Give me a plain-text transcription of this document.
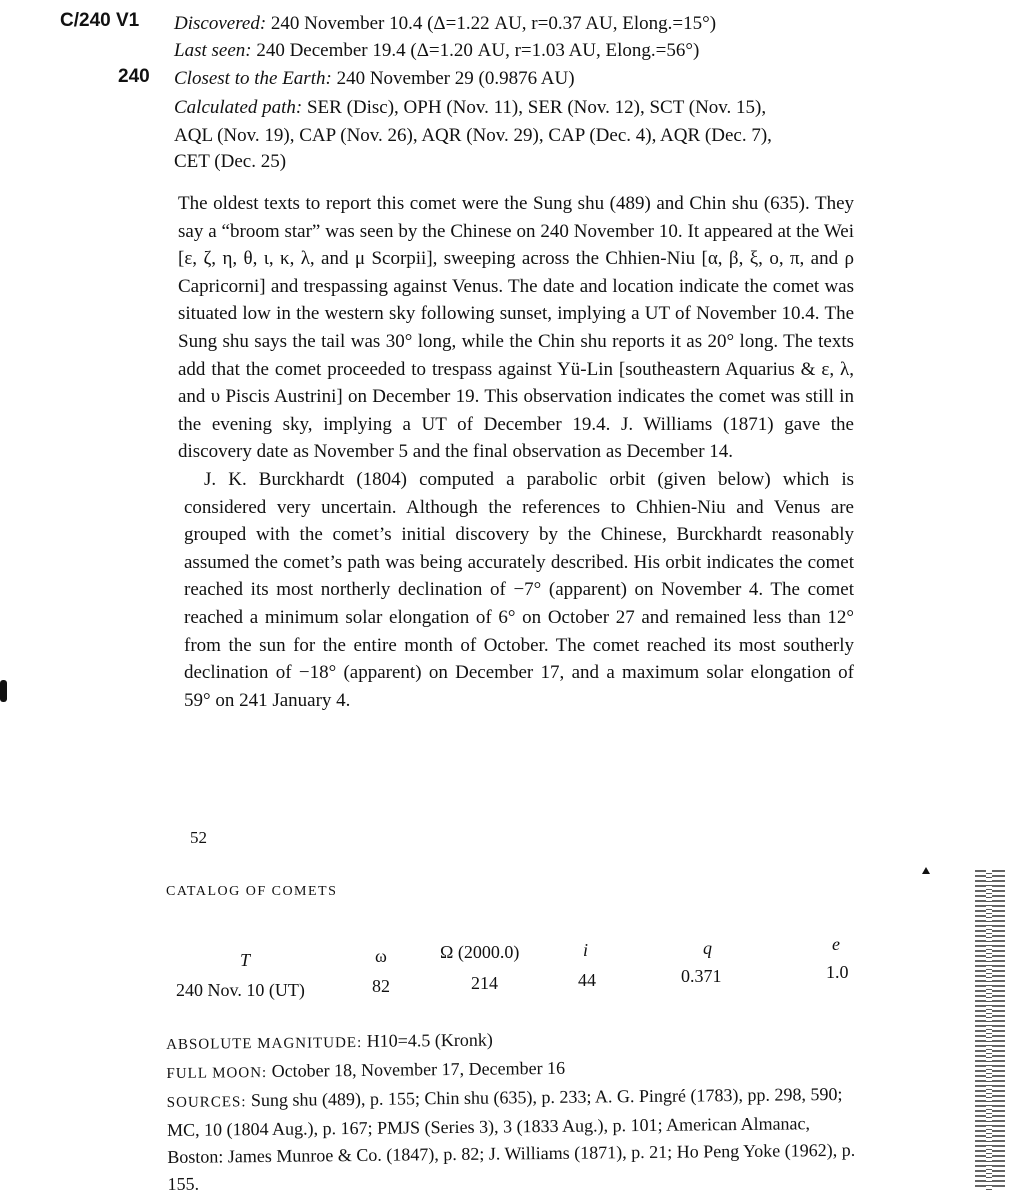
C/240 V1
240
Discovered: 240 November 10.4 (Δ=1.22 AU, r=0.37 AU, Elong.=15°)
Last seen: 240 December 19.4 (Δ=1.20 AU, r=1.03 AU, Elong.=56°)
Closest to the Earth: 240 November 29 (0.9876 AU)
Calculated path: SER (Disc), OPH (Nov. 11), SER (Nov. 12), SCT (Nov. 15),
AQL (Nov. 19), CAP (Nov. 26), AQR (Nov. 29), CAP (Dec. 4), AQR (Dec. 7),
CET (Dec. 25)

The oldest texts to report this comet were the Sung shu (489) and Chin shu (635). They say a “broom star” was seen by the Chinese on 240 November 10. It appeared at the Wei [ε, ζ, η, θ, ι, κ, λ, and μ Scorpii], sweeping across the Chhien-Niu [α, β, ξ, ο, π, and ρ Capricorni] and trespassing against Venus. The date and location indicate the comet was situated low in the western sky following sunset, implying a UT of November 10.4. The Sung shu says the tail was 30° long, while the Chin shu reports it as 20° long. The texts add that the comet proceeded to trespass against Yü-Lin [southeastern Aquarius & ε, λ, and υ Piscis Austrini] on December 19. This observation indicates the comet was still in the evening sky, implying a UT of December 19.4. J. Williams (1871) gave the discovery date as November 5 and the final observation as December 14.

J. K. Burckhardt (1804) computed a parabolic orbit (given below) which is considered very uncertain. Although the references to Chhien-Niu and Venus are grouped with the comet’s initial discovery by the Chinese, Burckhardt reasonably assumed the comet’s path was being accurately described. His orbit indicates the comet reached its most northerly declination of −7° (apparent) on November 4. The comet reached a minimum solar elongation of 6° on October 27 and remained less than 12° from the sun for the entire month of October. The comet reached its most southerly declination of −18° (apparent) on December 17, and a maximum solar elongation of 59° on 241 January 4.

52
CATALOG OF COMETS
T	ω	Ω (2000.0)	i	q	e
240 Nov. 10 (UT)	82	214	44	0.371	1.0
ABSOLUTE MAGNITUDE: H10=4.5 (Kronk)
FULL MOON: October 18, November 17, December 16
SOURCES: Sung shu (489), p. 155; Chin shu (635), p. 233; A. G. Pingré (1783), pp. 298, 590; MC, 10 (1804 Aug.), p. 167; PMJS (Series 3), 3 (1833 Aug.), p. 101; American Almanac, Boston: James Munroe & Co. (1847), p. 82; J. Williams (1871), p. 21; Ho Peng Yoke (1962), p. 155.
